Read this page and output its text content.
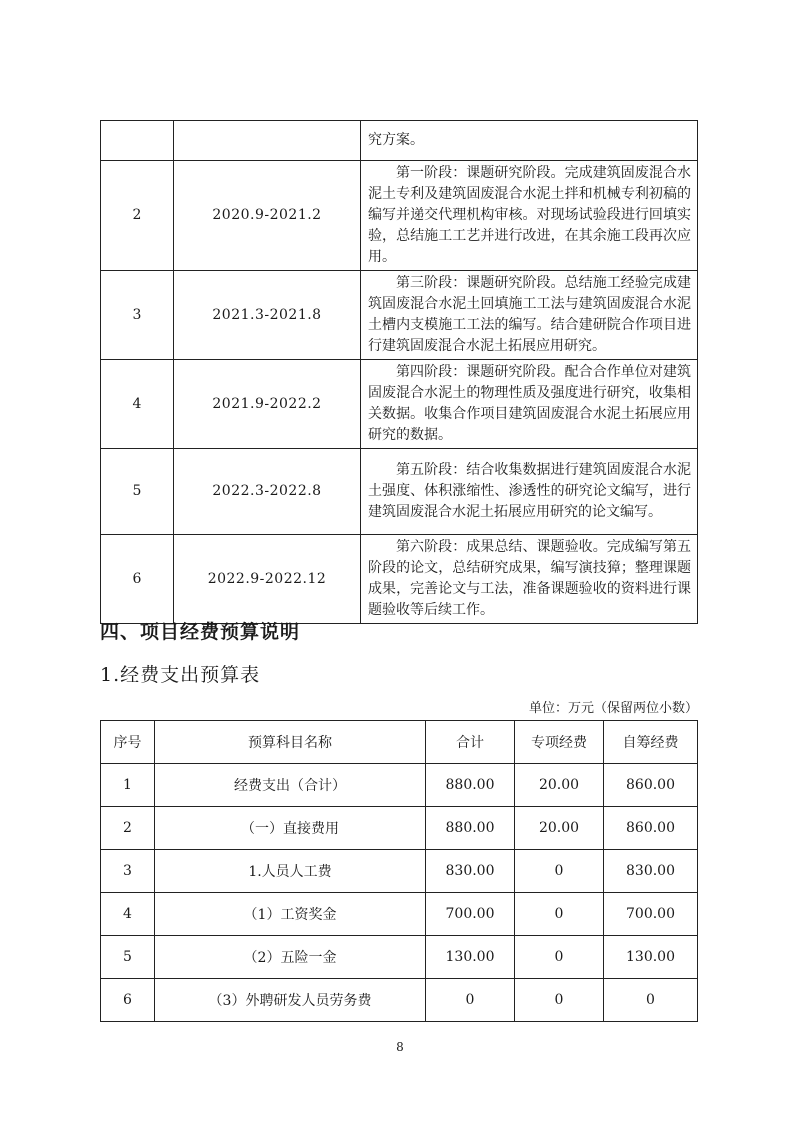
		究方案。

2	2020.9-2021.2	第一阶段：课题研究阶段。完成建筑固废混合水泥土专利及建筑固废混合水泥土拌和机械专利初稿的编写并递交代理机构审核。对现场试验段进行回填实验，总结施工工艺并进行改进，在其余施工段再次应用。

3	2021.3-2021.8	第三阶段：课题研究阶段。总结施工经验完成建筑固废混合水泥土回填施工工法与建筑固废混合水泥土槽内支模施工工法的编写。结合建研院合作项目进行建筑固废混合水泥土拓展应用研究。

4	2021.9-2022.2	第四阶段：课题研究阶段。配合合作单位对建筑固废混合水泥土的物理性质及强度进行研究，收集相关数据。收集合作项目建筑固废混合水泥土拓展应用研究的数据。

5	2022.3-2022.8	第五阶段：结合收集数据进行建筑固废混合水泥土强度、体积涨缩性、渗透性的研究论文编写，进行建筑固废混合水泥土拓展应用研究的论文编写。

6	2022.9-2022.12	第六阶段：成果总结、课题验收。完成编写第五阶段的论文，总结研究成果，编写演技獐；整理课题成果，完善论文与工法，准备课题验收的资料进行课题验收等后续工作。
四、项目经费预算说明
1.经费支出预算表
单位：万元（保留两位小数）
序号	预算科目名称	合计	专项经费	自筹经费
1	经费支出（合计）	880.00	20.00	860.00
2	（一）直接费用	880.00	20.00	860.00
3	1.人员人工费	830.00	0	830.00
4	（1）工资奖金	700.00	0	700.00
5	（2）五险一金	130.00	0	130.00
6	（3）外聘研发人员劳务费	0	0	0
8
